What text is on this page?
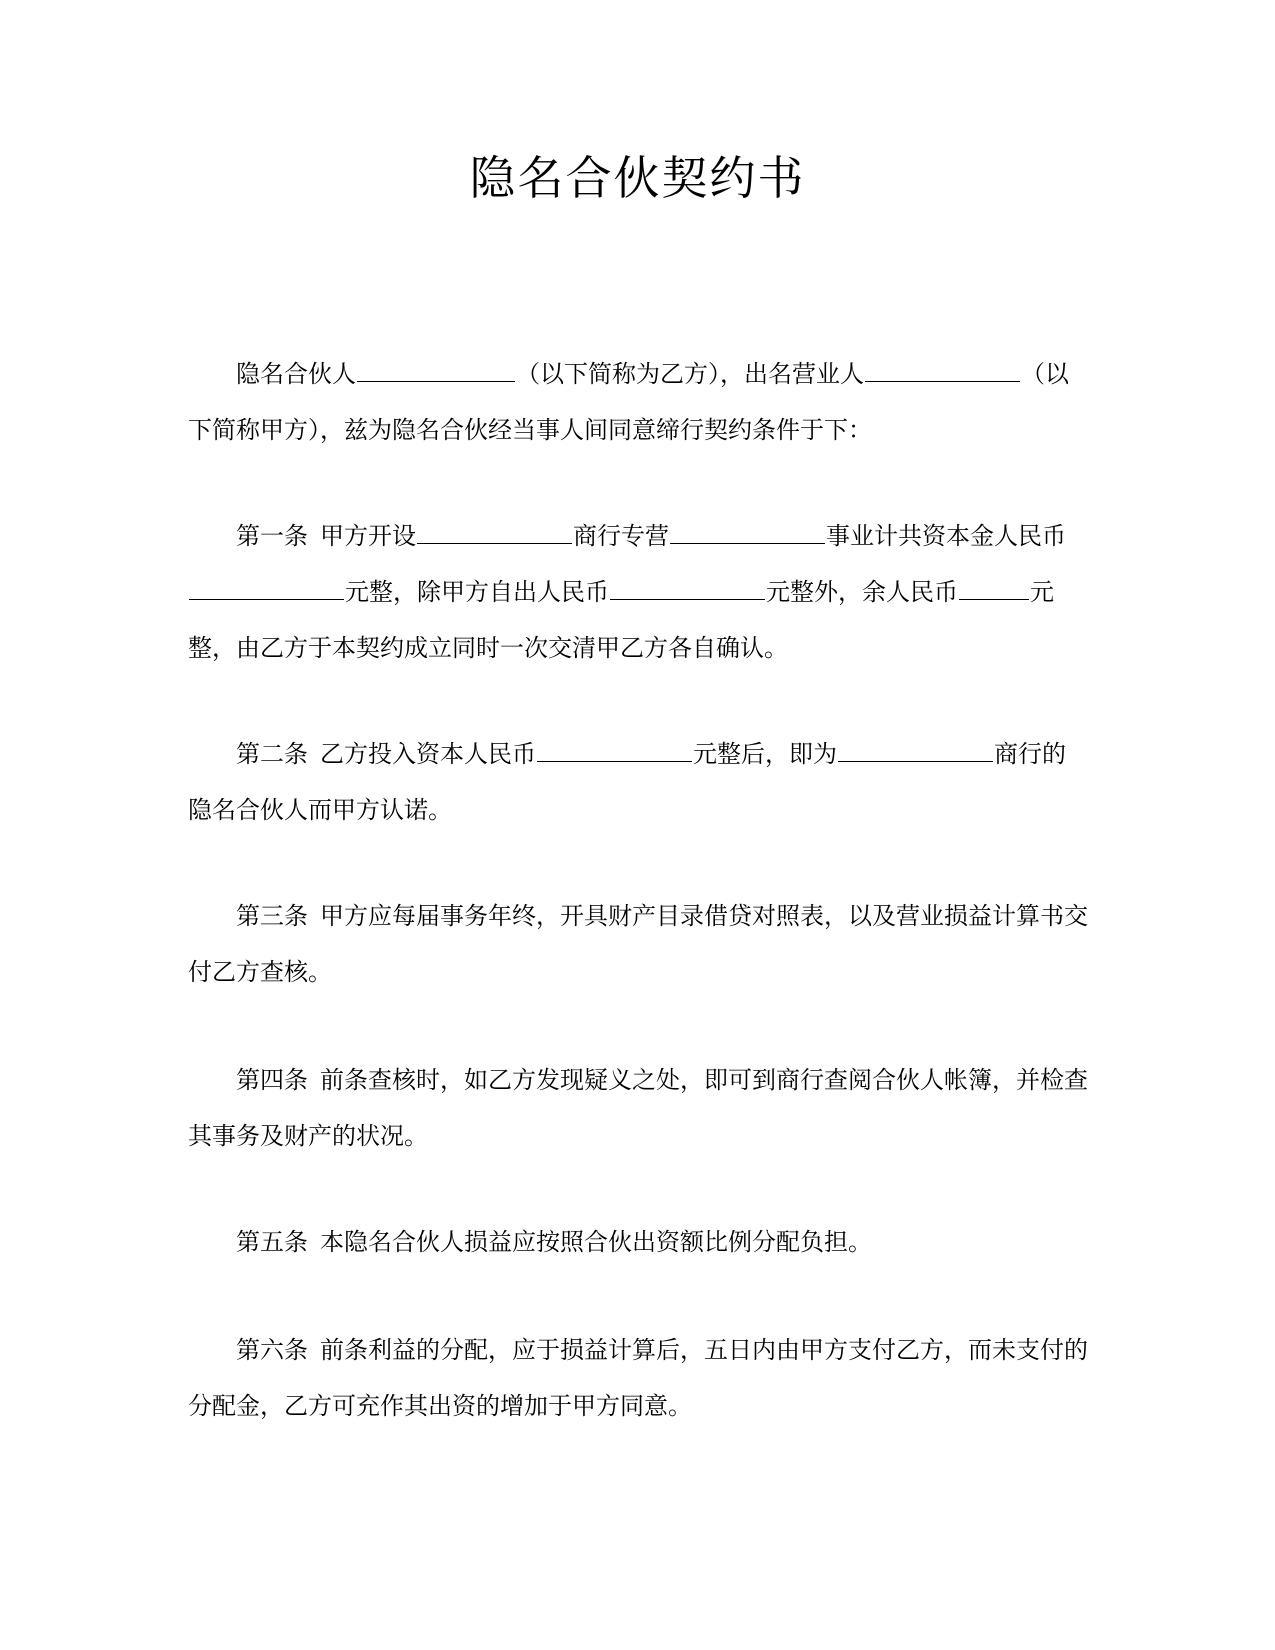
隐名合伙契约书

隐名合伙人	（以下简称为乙方），出名营业人	（以下简称甲方），兹为隐名合伙经当事人间同意缔行契约条件于下：

第一条 甲方开设	商行专营	事业计共资本金人民币元整，除甲方自出人民币	元整外，余人民币	元整，由乙方于本契约成立同时一次交清甲乙方各自确认。

第二条 乙方投入资本人民币	元整后，即为	商行的隐名合伙人而甲方认诺。

第三条 甲方应每届事务年终，开具财产目录借贷对照表，以及营业损益计算书交付乙方查核。

第四条 前条查核时，如乙方发现疑义之处，即可到商行查阅合伙人帐簿，并检查其事务及财产的状况。

第五条 本隐名合伙人损益应按照合伙出资额比例分配负担。

第六条 前条利益的分配，应于损益计算后，五日内由甲方支付乙方，而未支付的分配金，乙方可充作其出资的增加于甲方同意。
